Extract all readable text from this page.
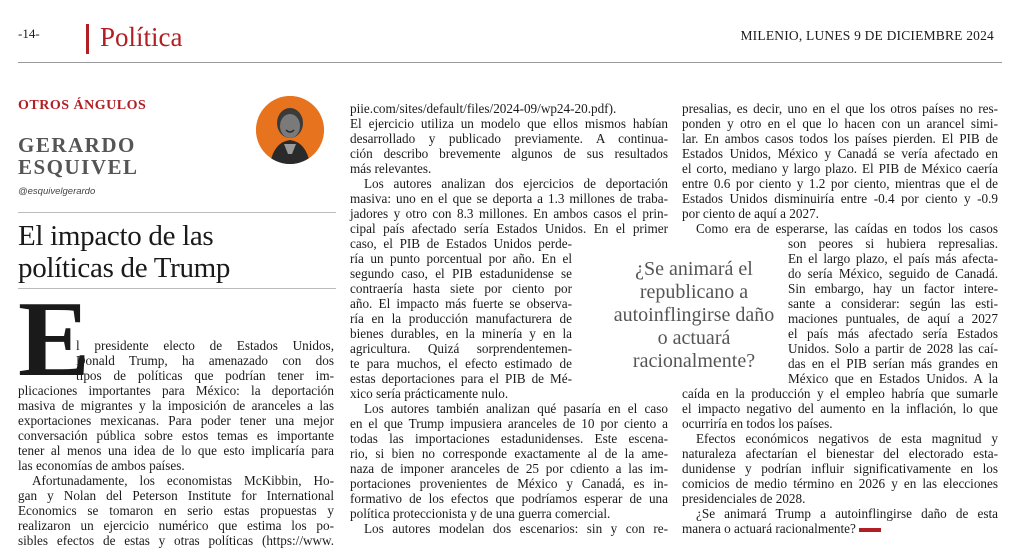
-14- Política	MILENIO, LUNES 9 DE DICIEMBRE 2024
OTROS ÁNGULOS
GERARDO
ESQUIVEL
@esquivelgerardo
El impacto de las
políticas de Trump
E
l presidente electo de Estados Unidos,
Donald Trump, ha amenazado con dos
tipos de políticas que podrían tener im-
plicaciones importantes para México: la deportación
masiva de migrantes y la imposición de aranceles a las
exportaciones mexicanas. Para poder tener una mejor
conversación pública sobre estos temas es importante
tener al menos una idea de lo que esto implicaría para
las economías de ambos países.
Afortunadamente, los economistas McKibbin, Ho-
gan y Nolan del Peterson Institute for International
Economics se tomaron en serio estas propuestas y
realizaron un ejercicio numérico que estima los po-
sibles efectos de estas y otras políticas (https://www.
piie.com/sites/default/files/2024-09/wp24-20.pdf).
El ejercicio utiliza un modelo que ellos mismos habían
desarrollado y publicado previamente. A continua-
ción describo brevemente algunos de sus resultados
más relevantes.
Los autores analizan dos ejercicios de deportación
masiva: uno en el que se deporta a 1.3 millones de traba-
jadores y otro con 8.3 millones. En ambos casos el prin-
cipal país afectado sería Estados Unidos. En el primer
caso, el PIB de Estados Unidos perde-
ría un punto porcentual por año. En el
segundo caso, el PIB estadunidense se
contraería hasta siete por ciento por
año. El impacto más fuerte se observa-
ría en la producción manufacturera de
bienes durables, en la minería y en la
agricultura. Quizá sorprendentemen-
te para muchos, el efecto estimado de
estas deportaciones para el PIB de Mé-
xico sería prácticamente nulo.
Los autores también analizan qué pasaría en el caso
en el que Trump impusiera aranceles de 10 por ciento a
todas las importaciones estadunidenses. Este escena-
rio, si bien no corresponde exactamente al de la ame-
naza de imponer aranceles de 25 por cdiento a las im-
portaciones provenientes de México y Canadá, es in-
formativo de los efectos que podríamos esperar de una
política proteccionista y de una guerra comercial.
Los autores modelan dos escenarios: sin y con re-
presalias, es decir, uno en el que los otros países no res-
ponden y otro en el que lo hacen con un arancel simi-
lar. En ambos casos todos los países pierden. El PIB de
Estados Unidos, México y Canadá se vería afectado en
el corto, mediano y largo plazo. El PIB de México caería
entre 0.6 por ciento y 1.2 por ciento, mientras que el de
Estados Unidos disminuiría entre -0.4 por ciento y -0.9
por ciento de aquí a 2027.
Como era de esperarse, las caídas en todos los casos
son peores si hubiera represalias.
En el largo plazo, el país más afecta-
do sería México, seguido de Canadá.
Sin embargo, hay un factor intere-
sante a considerar: según las esti-
maciones puntuales, de aquí a 2027
el país más afectado sería Estados
Unidos. Solo a partir de 2028 las caí-
das en el PIB serían más grandes en
México que en Estados Unidos. A la
caída en la producción y el empleo habría que sumarle
el impacto negativo del aumento en la inflación, lo que
ocurriría en todos los países.
Efectos económicos negativos de esta magnitud y
naturaleza afectarían el bienestar del electorado esta-
dunidense y podrían influir significativamente en los
comicios de medio término en 2026 y en las elecciones
presidenciales de 2028.
¿Se animará Trump a autoinflingirse daño de esta
manera o actuará racionalmente?
¿Se animará el republicano a autoinflingirse daño o actuará racionalmente?
